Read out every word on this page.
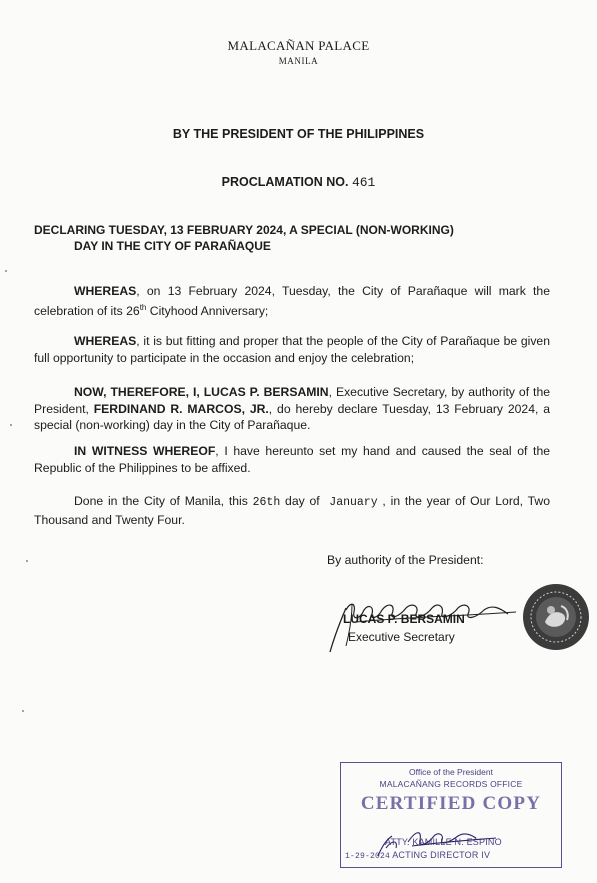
MALACAÑAN PALACE
MANILA
BY THE PRESIDENT OF THE PHILIPPINES
PROCLAMATION NO. 461
DECLARING TUESDAY, 13 FEBRUARY 2024, A SPECIAL (NON-WORKING)
DAY IN THE CITY OF PARAÑAQUE
WHEREAS, on 13 February 2024, Tuesday, the City of Parañaque will mark the celebration of its 26th Cityhood Anniversary;
WHEREAS, it is but fitting and proper that the people of the City of Parañaque be given full opportunity to participate in the occasion and enjoy the celebration;
NOW, THEREFORE, I, LUCAS P. BERSAMIN, Executive Secretary, by authority of the President, FERDINAND R. MARCOS, JR., do hereby declare Tuesday, 13 February 2024, a special (non-working) day in the City of Parañaque.
IN WITNESS WHEREOF, I have hereunto set my hand and caused the seal of the Republic of the Philippines to be affixed.
Done in the City of Manila, this 26th day of  January , in the year of Our Lord, Two Thousand and Twenty Four.
By authority of the President:
LUCAS P. BERSAMIN
Executive Secretary
Office of the President
MALACAÑANG RECORDS OFFICE
CERTIFIED COPY
ATTY. KAMILLE N. ESPINO
1-29-2024 ACTING DIRECTOR IV
